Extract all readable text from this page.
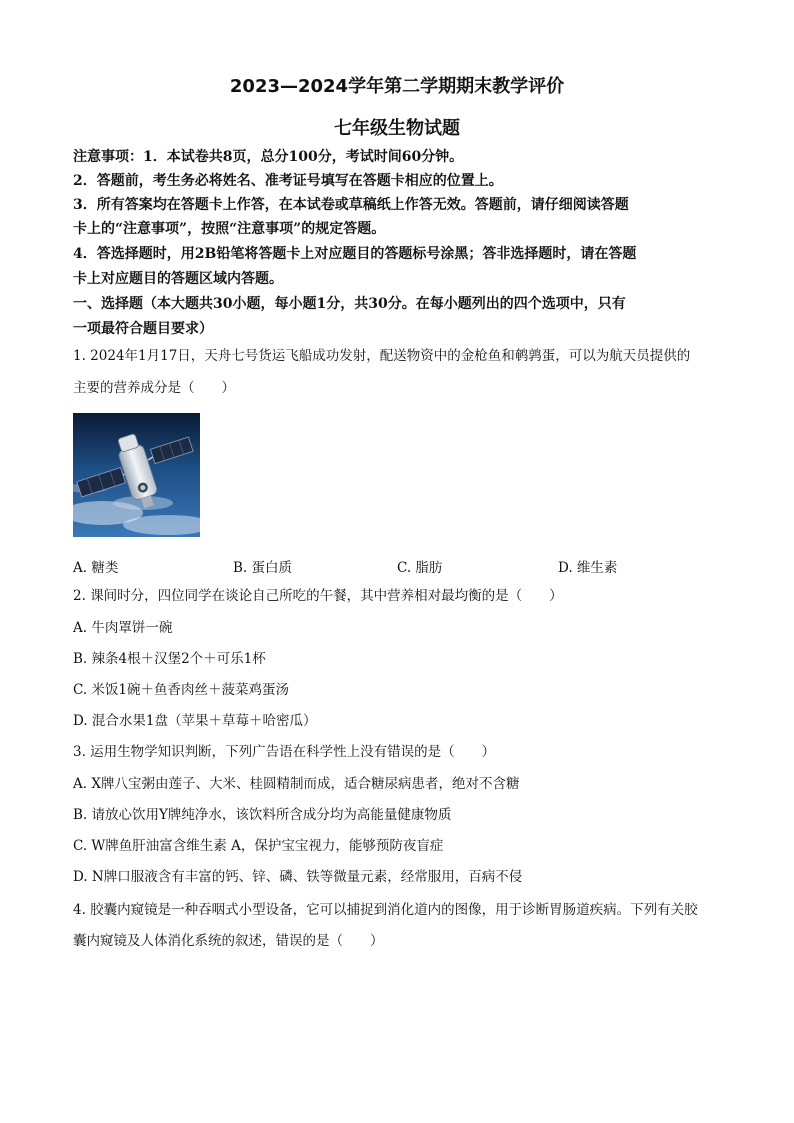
2023—2024学年第二学期期末教学评价
七年级生物试题
注意事项：1．本试卷共8页，总分100分，考试时间60分钟。
2．答题前，考生务必将姓名、准考证号填写在答题卡相应的位置上。
3．所有答案均在答题卡上作答，在本试卷或草稿纸上作答无效。答题前，请仔细阅读答题
卡上的“注意事项”，按照“注意事项”的规定答题。
4．答选择题时，用2B铅笔将答题卡上对应题目的答题标号涂黑；答非选择题时，请在答题
卡上对应题目的答题区域内答题。
一、选择题（本大题共30小题，每小题1分，共30分。在每小题列出的四个选项中，只有
一项最符合题目要求）
1. 2024年1月17日，天舟七号货运飞船成功发射，配送物资中的金枪鱼和鹌鹑蛋，可以为航天员提供的
主要的营养成分是（　　）
A. 糖类	B. 蛋白质	C. 脂肪	D. 维生素
2. 课间时分，四位同学在谈论自己所吃的午餐，其中营养相对最均衡的是（　　）
A. 牛肉罩饼一碗
B. 辣条4根＋汉堡2个＋可乐1杯
C. 米饭1碗＋鱼香肉丝＋菠菜鸡蛋汤
D. 混合水果1盘（苹果＋草莓＋哈密瓜）
3. 运用生物学知识判断，下列广告语在科学性上没有错误的是（　　）
A. X牌八宝粥由莲子、大米、桂圆精制而成，适合糖尿病患者，绝对不含糖
B. 请放心饮用Y牌纯净水，该饮料所含成分均为高能量健康物质
C. W牌鱼肝油富含维生素 A，保护宝宝视力，能够预防夜盲症
D. N牌口服液含有丰富的钙、锌、磷、铁等微量元素，经常服用，百病不侵
4. 胶囊内窥镜是一种吞咽式小型设备，它可以捕捉到消化道内的图像，用于诊断胃肠道疾病。下列有关胶
囊内窥镜及人体消化系统的叙述，错误的是（　　）
